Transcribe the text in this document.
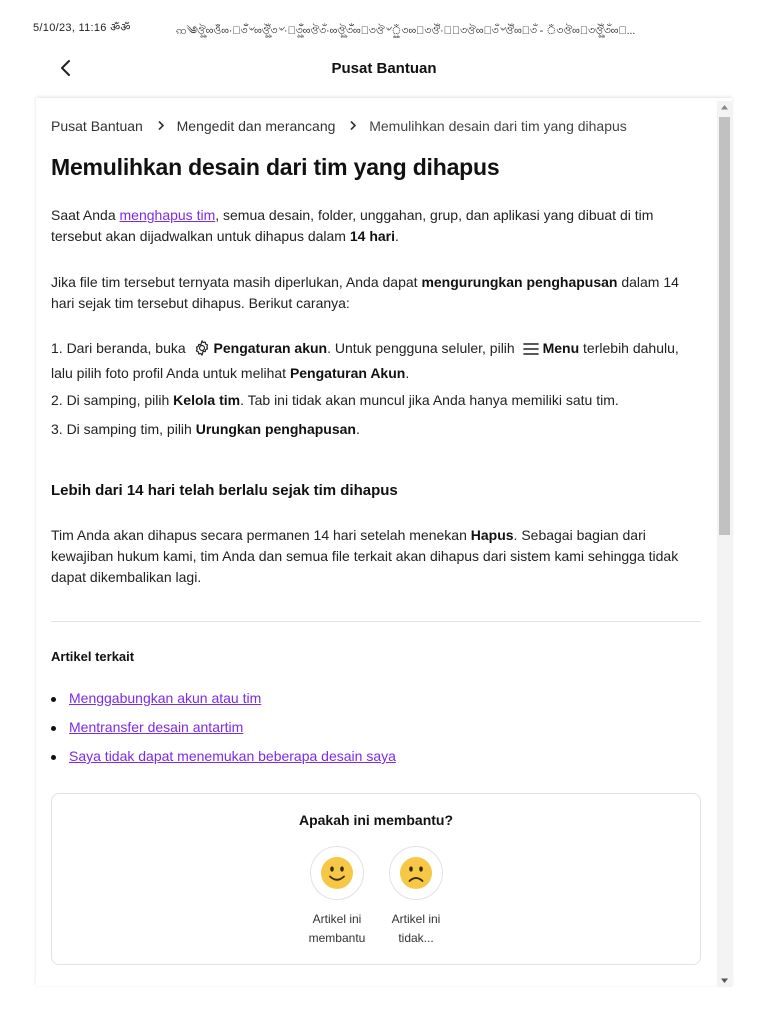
5/10/23, 11:16 ॐॐ	ꩡ༄ঔৣ∞ওঁঁ∞·ঁ৩ঁঁ৺∞ঔৣঁ৩৺·ঁ৩ৣঁঁ∞ঔ৩ঁ·∞ঔৣ৩ঁঁ∞ঁ৩ঔ৺ৣঁ৩∞ঁ৩ঔঁ·ৣঁ৩ঔ∞ঁ৩ঁ৺ঔঁ∞ঁ৩ঁ - ঁ৩ঔ∞ঁ৩ঔৣঁ৩ঁ∞ঁ...
Pusat Bantuan
Pusat Bantuan Mengedit dan merancang Memulihkan desain dari tim yang dihapus
Memulihkan desain dari tim yang dihapus

Saat Anda menghapus tim, semua desain, folder, unggahan, grup, dan aplikasi yang dibuat di tim tersebut akan dijadwalkan untuk dihapus dalam 14 hari.

Jika file tim tersebut ternyata masih diperlukan, Anda dapat mengurungkan penghapusan dalam 14 hari sejak tim tersebut dihapus. Berikut caranya:

1. Dari beranda, buka Pengaturan akun. Untuk pengguna seluler, pilih Menu terlebih dahulu, lalu pilih foto profil Anda untuk melihat Pengaturan Akun.

2. Di samping, pilih Kelola tim. Tab ini tidak akan muncul jika Anda hanya memiliki satu tim.

3. Di samping tim, pilih Urungkan penghapusan.

Lebih dari 14 hari telah berlalu sejak tim dihapus

Tim Anda akan dihapus secara permanen 14 hari setelah menekan Hapus. Sebagai bagian dari kewajiban hukum kami, tim Anda dan semua file terkait akan dihapus dari sistem kami sehingga tidak dapat dikembalikan lagi.

Artikel terkait
Menggabungkan akun atau tim
Mentransfer desain antartim
Saya tidak dapat menemukan beberapa desain saya
Apakah ini membantu?
Artikel ini
membantu
Artikel ini
tidak...
